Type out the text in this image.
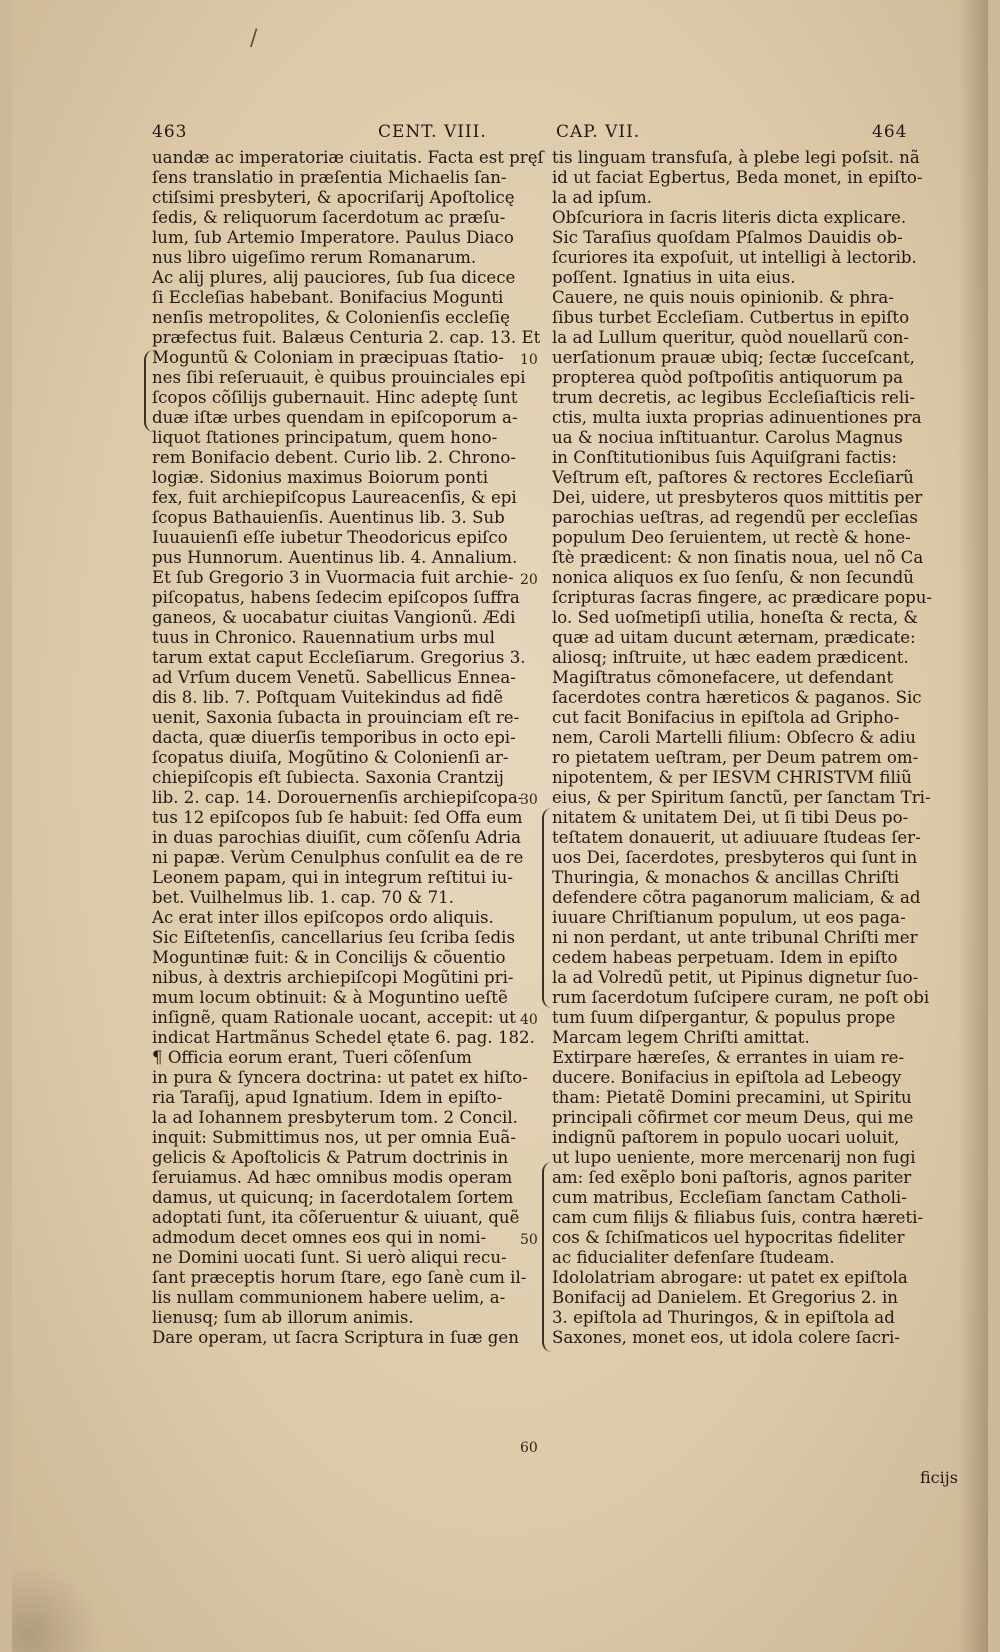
/
463	CENT. VIII.	CAP. VII.	464
uandæ ac imperatoriæ ciuitatis. Facta est pręſ
ſens translatio in præſentia Michaelis ſan-
ctiſsimi presbyteri, & apocriſarij Apoſtolicę
ſedis, & reliquorum ſacerdotum ac præſu-
lum, ſub Artemio Imperatore. Paulus Diaco
nus libro uigeſimo rerum Romanarum.
Ac alij plures, alij pauciores, ſub ſua dicece
ſi Eccleſias habebant. Bonifacius Mogunti
nenſis metropolites, & Colonienſis eccleſię
præfectus fuit. Balæus Centuria 2. cap. 13. Et
Moguntũ & Coloniam in præcipuas ſtatio-
nes ſibi reſeruauit, è quibus prouinciales epi
ſcopos cõſilijs gubernauit. Hinc adeptę ſunt
duæ iſtæ urbes quendam in epiſcoporum a-
liquot ſtationes principatum, quem hono-
rem Bonifacio debent. Curio lib. 2. Chrono-
logiæ. Sidonius maximus Boiorum ponti
fex, fuit archiepiſcopus Laureacenſis, & epi
ſcopus Bathauienſis. Auentinus lib. 3. Sub
Iuuauienſi eſſe iubetur Theodoricus epiſco
pus Hunnorum. Auentinus lib. 4. Annalium.
Et ſub Gregorio 3 in Vuormacia fuit archie-
piſcopatus, habens ſedecim epiſcopos ſuffra
ganeos, & uocabatur ciuitas Vangionũ. Ædi
tuus in Chronico. Rauennatium urbs mul
tarum extat caput Eccleſiarum. Gregorius 3.
ad Vrſum ducem Venetũ. Sabellicus Ennea-
dis 8. lib. 7. Poſtquam Vuitekindus ad fidẽ
uenit, Saxonia ſubacta in prouinciam eſt re-
dacta, quæ diuerſis temporibus in octo epi-
ſcopatus diuiſa, Mogũtino & Colonienſi ar-
chiepiſcopis eſt ſubiecta. Saxonia Crantzij
lib. 2. cap. 14. Dorouernenſis archiepiſcopa-
tus 12 epiſcopos ſub ſe habuit: ſed Offa eum
in duas parochias diuiſit, cum cõſenſu Adria
ni papæ. Verùm Cenulphus conſulit ea de re
Leonem papam, qui in integrum reſtitui iu-
bet. Vuilhelmus lib. 1. cap. 70 & 71.
Ac erat inter illos epiſcopos ordo aliquis.
Sic Eiſtetenſis, cancellarius ſeu ſcriba ſedis
Moguntinæ fuit: & in Concilijs & cõuentio
nibus, à dextris archiepiſcopi Mogũtini pri-
mum locum obtinuit: & à Moguntino ueſtẽ
inſignẽ, quam Rationale uocant, accepit: ut
indicat Hartmãnus Schedel ętate 6. pag. 182.
¶ Officia eorum erant, Tueri cõſenſum
in pura & ſyncera doctrina: ut patet ex hiſto-
ria Taraſij, apud Ignatium. Idem in epiſto-
la ad Iohannem presbyterum tom. 2 Concil.
inquit: Submittimus nos, ut per omnia Euã-
gelicis & Apoſtolicis & Patrum doctrinis in
ſeruiamus. Ad hæc omnibus modis operam
damus, ut quicunq; in ſacerdotalem ſortem
adoptati ſunt, ita cõſeruentur & uiuant, quẽ
admodum decet omnes eos qui in nomi-
ne Domini uocati ſunt. Si uerò aliqui recu-
ſant præceptis horum ſtare, ego ſanè cum il-
lis nullam communionem habere uelim, a-
lienusq; ſum ab illorum animis.
Dare operam, ut ſacra Scriptura in ſuæ gen
tis linguam transfuſa, à plebe legi poſsit. nã
id ut faciat Egbertus, Beda monet, in epiſto-
la ad ipſum.
Obſcuriora in ſacris literis dicta explicare.
Sic Taraſius quoſdam Pſalmos Dauidis ob-
ſcuriores ita expoſuit, ut intelligi à lectorib.
poſſent. Ignatius in uita eius.
Cauere, ne quis nouis opinionib. & phra-
ſibus turbet Eccleſiam. Cutbertus in epiſto
la ad Lullum queritur, quòd nouellarũ con-
uerſationum prauæ ubiq; ſectæ ſucceſcant,
propterea quòd poſtpoſitis antiquorum pa
trum decretis, ac legibus Eccleſiaſticis reli-
ctis, multa iuxta proprias adinuentiones pra
ua & nociua inſtituantur. Carolus Magnus
in Conſtitutionibus ſuis Aquiſgrani factis:
Veſtrum eſt, paſtores & rectores Eccleſiarũ
Dei, uidere, ut presbyteros quos mittitis per
parochias ueſtras, ad regendũ per eccleſias
populum Deo ſeruientem, ut rectè & hone-
ſtè prædicent: & non ſinatis noua, uel nõ Ca
nonica aliquos ex ſuo ſenſu, & non ſecundũ
ſcripturas ſacras fingere, ac prædicare popu-
lo. Sed uoſmetipſi utilia, honeſta & recta, &
quæ ad uitam ducunt æternam, prædicate:
aliosq; inſtruite, ut hæc eadem prædicent.
Magiſtratus cõmonefacere, ut defendant
ſacerdotes contra hæreticos & paganos. Sic
cut facit Bonifacius in epiſtola ad Gripho-
nem, Caroli Martelli filium: Obſecro & adiu
ro pietatem ueſtram, per Deum patrem om-
nipotentem, & per IESVM CHRISTVM filiũ
eius, & per Spiritum ſanctũ, per ſanctam Tri-
nitatem & unitatem Dei, ut ſi tibi Deus po-
teſtatem donauerit, ut adiuuare ſtudeas ſer-
uos Dei, ſacerdotes, presbyteros qui ſunt in
Thuringia, & monachos & ancillas Chriſti
defendere cõtra paganorum maliciam, & ad
iuuare Chriſtianum populum, ut eos paga-
ni non perdant, ut ante tribunal Chriſti mer
cedem habeas perpetuam. Idem in epiſto
la ad Volredũ petit, ut Pipinus dignetur ſuo-
rum ſacerdotum ſuſcipere curam, ne poſt obi
tum ſuum diſpergantur, & populus prope
Marcam legem Chriſti amittat.
Extirpare hæreſes, & errantes in uiam re-
ducere. Bonifacius in epiſtola ad Lebeogy
tham: Pietatẽ Domini precamini, ut Spiritu
principali cõfirmet cor meum Deus, qui me
indignũ paſtorem in populo uocari uoluit,
ut lupo ueniente, more mercenarij non fugi
am: ſed exẽplo boni paſtoris, agnos pariter
cum matribus, Eccleſiam ſanctam Catholi-
cam cum filijs & filiabus ſuis, contra hæreti-
cos & ſchiſmaticos uel hypocritas fideliter
ac fiducialiter defenſare ſtudeam.
Idololatriam abrogare: ut patet ex epiſtola
Bonifacij ad Danielem. Et Gregorius 2. in
3. epiſtola ad Thuringos, & in epiſtola ad
Saxones, monet eos, ut idola colere ſacri-
10
20
30
40
50
60
ficijs
